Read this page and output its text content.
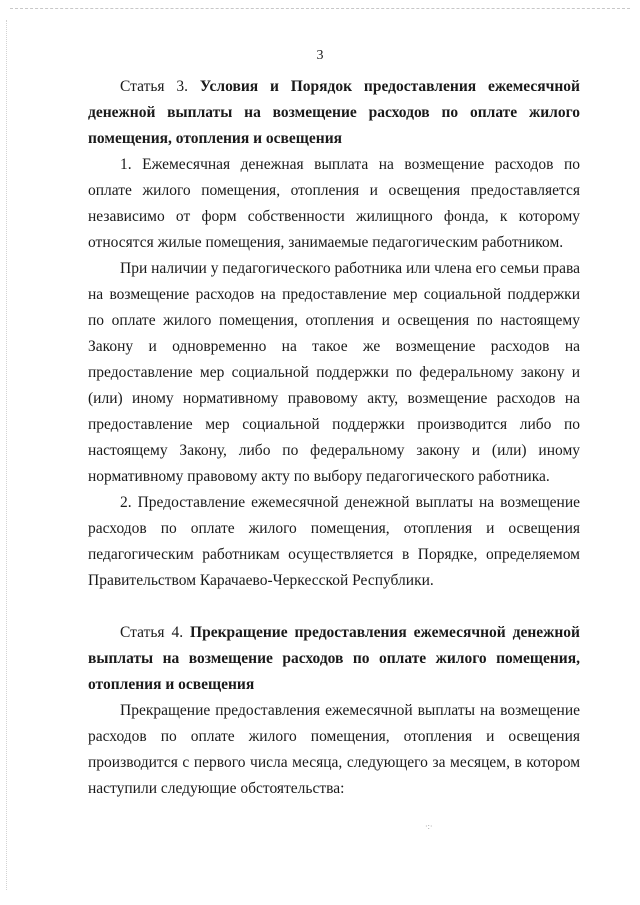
3

Статья 3. Условия и Порядок предоставления ежемесячной денежной выплаты на возмещение расходов по оплате жилого помещения, отопления и освещения

1. Ежемесячная денежная выплата на возмещение расходов по оплате жилого помещения, отопления и освещения предоставляется независимо от форм собственности жилищного фонда, к которому относятся жилые помещения, занимаемые педагогическим работником.

При наличии у педагогического работника или члена его семьи права на возмещение расходов на предоставление мер социальной поддержки по оплате жилого помещения, отопления и освещения по настоящему Закону и одновременно на такое же возмещение расходов на предоставление мер социальной поддержки по федеральному закону и (или) иному нормативному правовому акту, возмещение расходов на предоставление мер социальной поддержки производится либо по настоящему Закону, либо по федеральному закону и (или) иному нормативному правовому акту по выбору педагогического работника.

2. Предоставление ежемесячной денежной выплаты на возмещение расходов по оплате жилого помещения, отопления и освещения педагогическим работникам осуществляется в Порядке, определяемом Правительством Карачаево-Черкесской Республики.

Статья 4. Прекращение предоставления ежемесячной денежной выплаты на возмещение расходов по оплате жилого помещения, отопления и освещения

Прекращение предоставления ежемесячной выплаты на возмещение расходов по оплате жилого помещения, отопления и освещения производится с первого числа месяца, следующего за месяцем, в котором наступили следующие обстоятельства:

·:·
